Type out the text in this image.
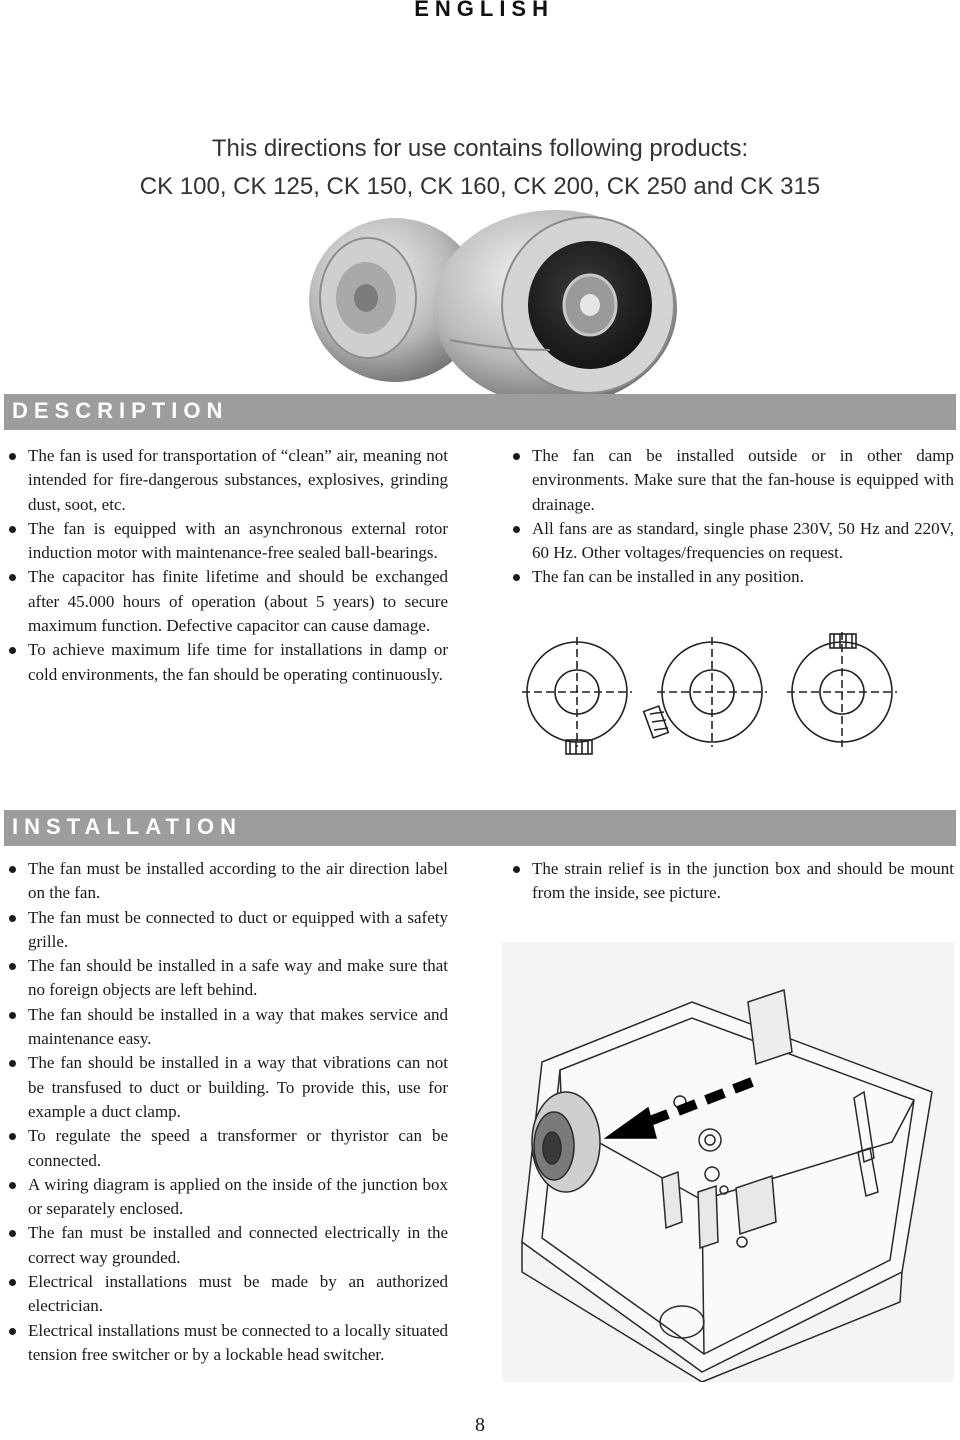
ENGLISH
This directions for use contains following products:
CK 100, CK 125, CK 150, CK 160, CK 200, CK 250 and CK 315
DESCRIPTION
The fan is used for transportation of “clean” air, meaning not intended for fire-dangerous substances, explosives, grinding dust, soot, etc.
The fan is equipped with an asynchronous external rotor induction motor with maintenance-free sealed ball-bearings.
The capacitor has finite lifetime and should be exchanged after 45.000 hours of operation (about 5 years) to secure maximum function. Defective capacitor can cause damage.
To achieve maximum life time for installations in damp or cold environments, the fan should be operating continuously.
The fan can be installed outside or in other damp environments. Make sure that the fan-house is equipped with drainage.
All fans are as standard, single phase 230V, 50 Hz and 220V, 60 Hz. Other voltages/frequencies on request.
The fan can be installed in any position.
INSTALLATION
The fan must be installed according to the air direction label on the fan.
The fan must be connected to duct or equipped with a safety grille.
The fan should be installed in a safe way and make sure that no foreign objects are left behind.
The fan should be installed in a way that makes service and maintenance easy.
The fan should be installed in a way that vibrations can not be transfused to duct or building. To provide this, use for example a duct clamp.
To regulate the speed a transformer or thyristor can be connected.
A wiring diagram is applied on the inside of the junction box or separately enclosed.
The fan must be installed and connected electrically in the correct way grounded.
Electrical installations must be made by an authorized electrician.
Electrical installations must be connected to a locally situated tension free switcher or by a lockable head switcher.
The strain relief is in the junction box and should be mount from the inside, see picture.
8
